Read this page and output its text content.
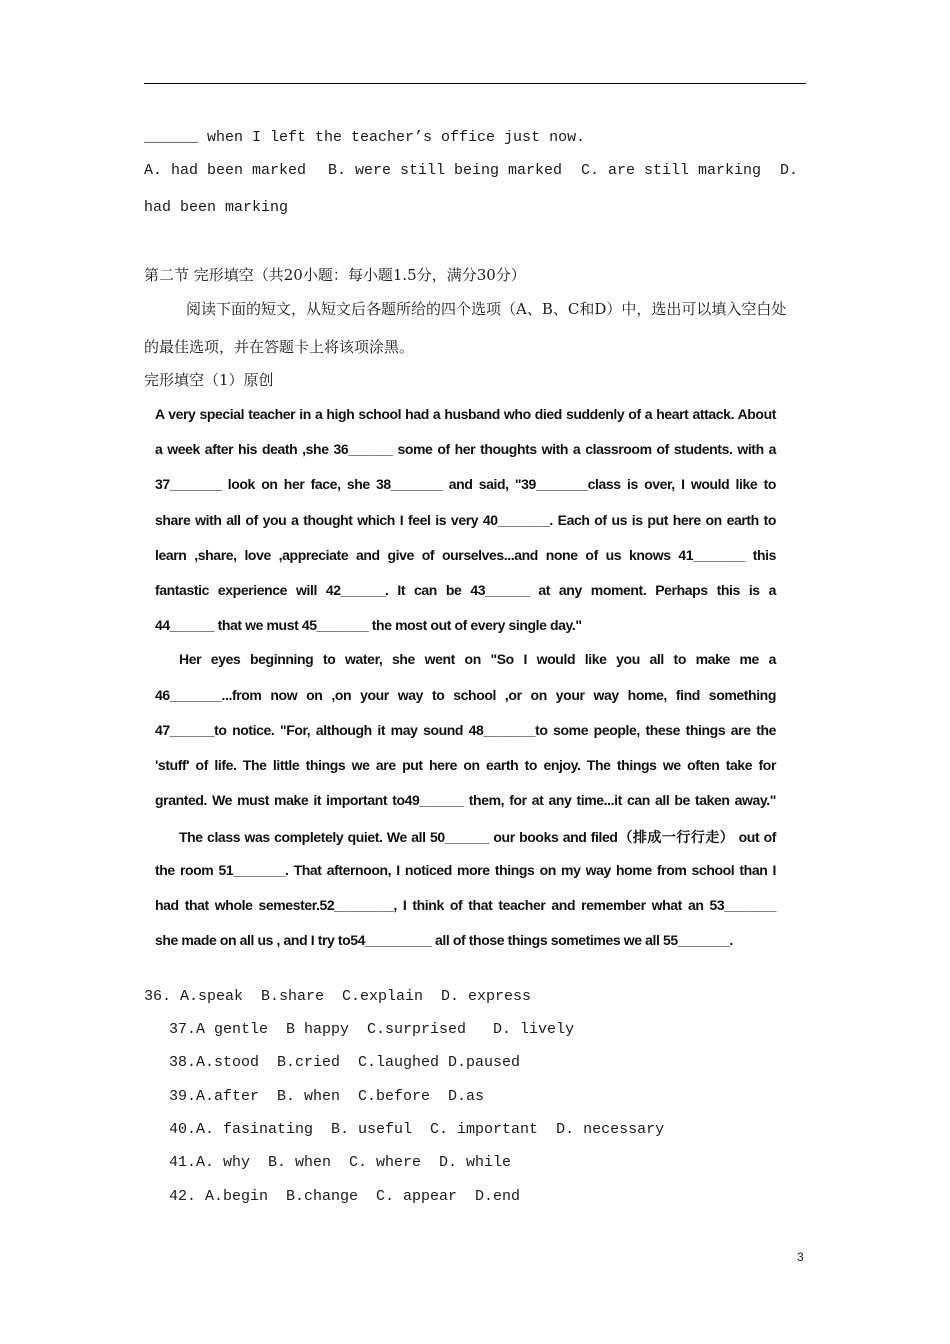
______ when I left the teacher’s office just now.
A. had been marked B. were still being marked C. are still marking D.
had been marking
第二节 完形填空（共20小题：每小题1.5分，满分30分）
阅读下面的短文，从短文后各题所给的四个选项（A、B、C和D）中，选出可以填入空白处
的最佳选项，并在答题卡上将该项涂黑。
完形填空（1）原创
A very special teacher in a high school had a husband who died suddenly of a heart attack. About
a week after his death ,she 36______ some of her thoughts with a classroom of students. with a
37_______ look on her face, she 38_______ and said, "39_______class is over, I would like to
share with all of you a thought which I feel is very 40_______. Each of us is put here on earth to
learn ,share, love ,appreciate and give of ourselves...and none of us knows 41_______ this
fantastic experience will 42______. It can be 43______ at any moment. Perhaps this is a
44______ that we must 45_______ the most out of every single day."
Her eyes beginning to water, she went on "So I would like you all to make me a
46_______...from now on ,on your way to school ,or on your way home, find something
47______to notice. "For, although it may sound 48_______to some people, these things are the
'stuff' of life. The little things we are put here on earth to enjoy. The things we often take for
granted. We must make it important to49______ them, for at any time...it can all be taken away."
The class was completely quiet. We all 50______ our books and filed（排成一行行走） out of
the room 51_______. That afternoon, I noticed more things on my way home from school than I
had that whole semester.52________, I think of that teacher and remember what an 53_______
she made on all us , and I try to54_________ all of those things sometimes we all 55_______.
36. A.speak  B.share  C.explain  D. express
37.A gentle  B happy  C.surprised   D. lively
38.A.stood  B.cried  C.laughed D.paused
39.A.after  B. when  C.before  D.as
40.A. fasinating  B. useful  C. important  D. necessary
41.A. why  B. when  C. where  D. while
42. A.begin  B.change  C. appear  D.end
3
